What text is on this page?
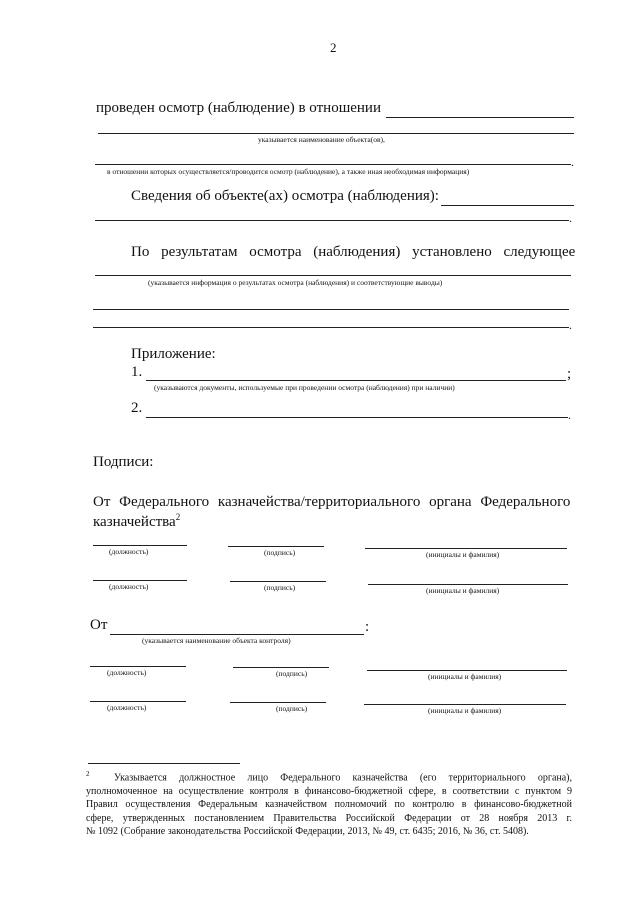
2
проведен осмотр (наблюдение) в отношении
указывается наименование объекта(ов),
.
в отношении которых осуществляется/проводится осмотр (наблюдение), а также иная необходимая информация)
Сведения об объекте(ах) осмотра (наблюдения):
.
По результатам осмотра (наблюдения) установлено следующее
(указывается информация о результатах осмотра (наблюдения) и соответствующие выводы)
.
Приложение:
1.	;
(указываются документы, используемые при проведении осмотра (наблюдения) при наличии)
2.	.
Подписи:
От Федерального казначейства/территориального органа Федерального
казначейства$^2$
(должность)	(подпись)	(инициалы и фамилия)
(должность)	(подпись)	(инициалы и фамилия)
От	:
(указывается наименование объекта контроля)
(должность)	(подпись)	(инициалы и фамилия)
(должность)	(подпись)	(инициалы и фамилия)
$^2$ Указывается должностное лицо Федерального казначейства (его территориального органа),
уполномоченное на осуществление контроля в финансово-бюджетной сфере, в соответствии с пунктом 9
Правил осуществления Федеральным казначейством полномочий по контролю в финансово-бюджетной
сфере, утвержденных постановлением Правительства Российской Федерации от 28 ноября 2013 г.
№ 1092 (Собрание законодательства Российской Федерации, 2013, № 49, ст. 6435; 2016, № 36, ст. 5408).
